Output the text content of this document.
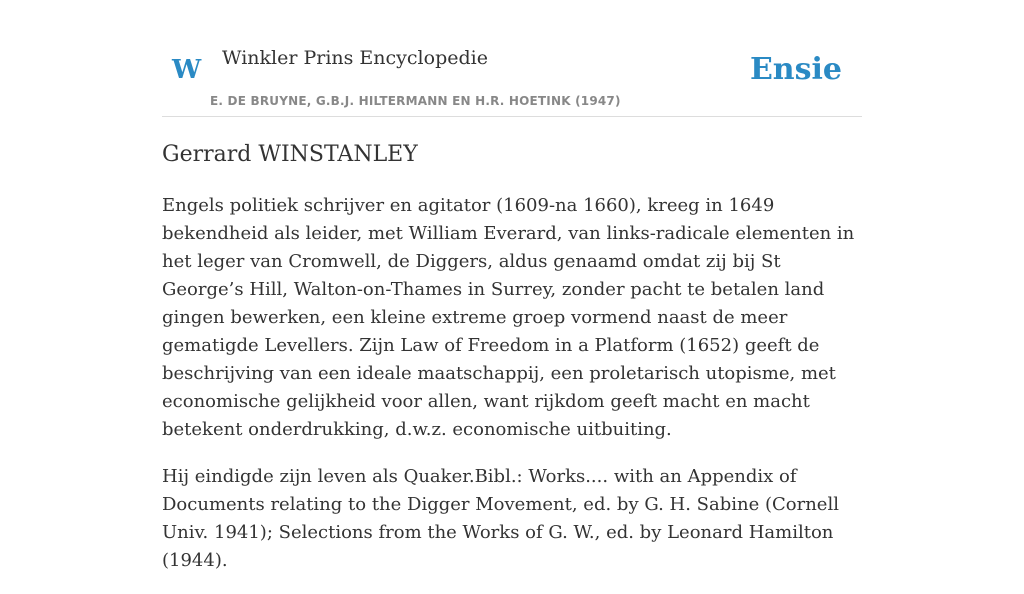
W Winkler Prins Encyclopedie
E. DE BRUYNE, G.B.J. HILTERMANN EN H.R. HOETINK (1947)
Ensie
Gerrard WINSTANLEY

Engels politiek schrijver en agitator (1609-na 1660), kreeg in 1649 bekendheid als leider, met William Everard, van links-radicale elementen in het leger van Cromwell, de Diggers, aldus genaamd omdat zij bij St George’s Hill, Walton-on-Thames in Surrey, zonder pacht te betalen land gingen bewerken, een kleine extreme groep vormend naast de meer gematigde Levellers. Zijn Law of Freedom in a Platform (1652) geeft de beschrijving van een ideale maatschappij, een proletarisch utopisme, met economische gelijkheid voor allen, want rijkdom geeft macht en macht betekent onderdrukking, d.w.z. economische uitbuiting.

Hij eindigde zijn leven als Quaker.Bibl.: Works.... with an Appendix of Documents relating to the Digger Movement, ed. by G. H. Sabine (Cornell Univ. 1941); Selections from the Works of G. W., ed. by Leonard Hamilton (1944).
